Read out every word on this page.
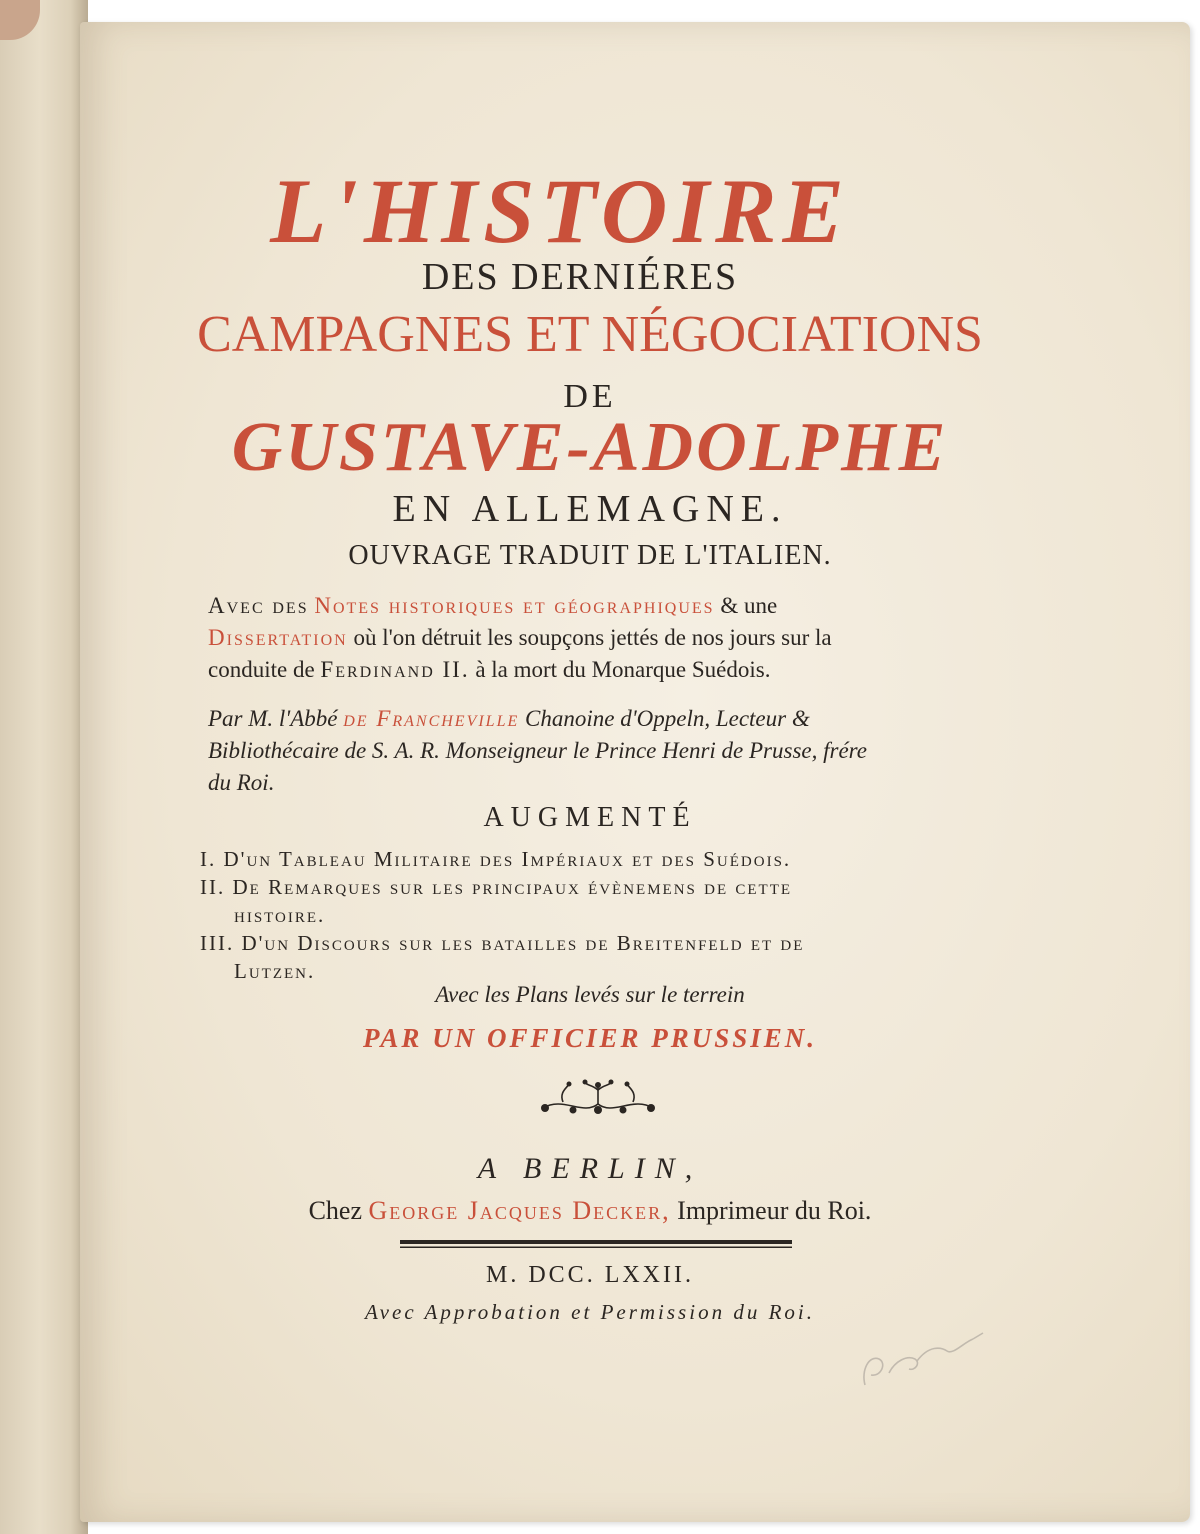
L'HISTOIRE
DES DERNIÉRES
CAMPAGNES ET NÉGOCIATIONS
DE
GUSTAVE-ADOLPHE
EN ALLEMAGNE.
OUVRAGE TRADUIT DE L'ITALIEN.
Avec des Notes historiques et géographiques & une
Dissertation où l'on détruit les soupçons jettés de nos jours sur la
conduite de Ferdinand II. à la mort du Monarque Suédois.
Par M. l'Abbé de Francheville Chanoine d'Oppeln, Lecteur &
Bibliothécaire de S. A. R. Monseigneur le Prince Henri de Prusse, frére
du Roi.
AUGMENTÉ
I. D'un Tableau Militaire des Impériaux et des Suédois.
II. De Remarques sur les principaux évènemens de cette
histoire.
III. D'un Discours sur les batailles de Breitenfeld et de
Lutzen.
Avec les Plans levés sur le terrein
PAR UN OFFICIER PRUSSIEN.
A BERLIN,
Chez George Jacques Decker, Imprimeur du Roi.
M. DCC. LXXII.
Avec Approbation et Permission du Roi.
